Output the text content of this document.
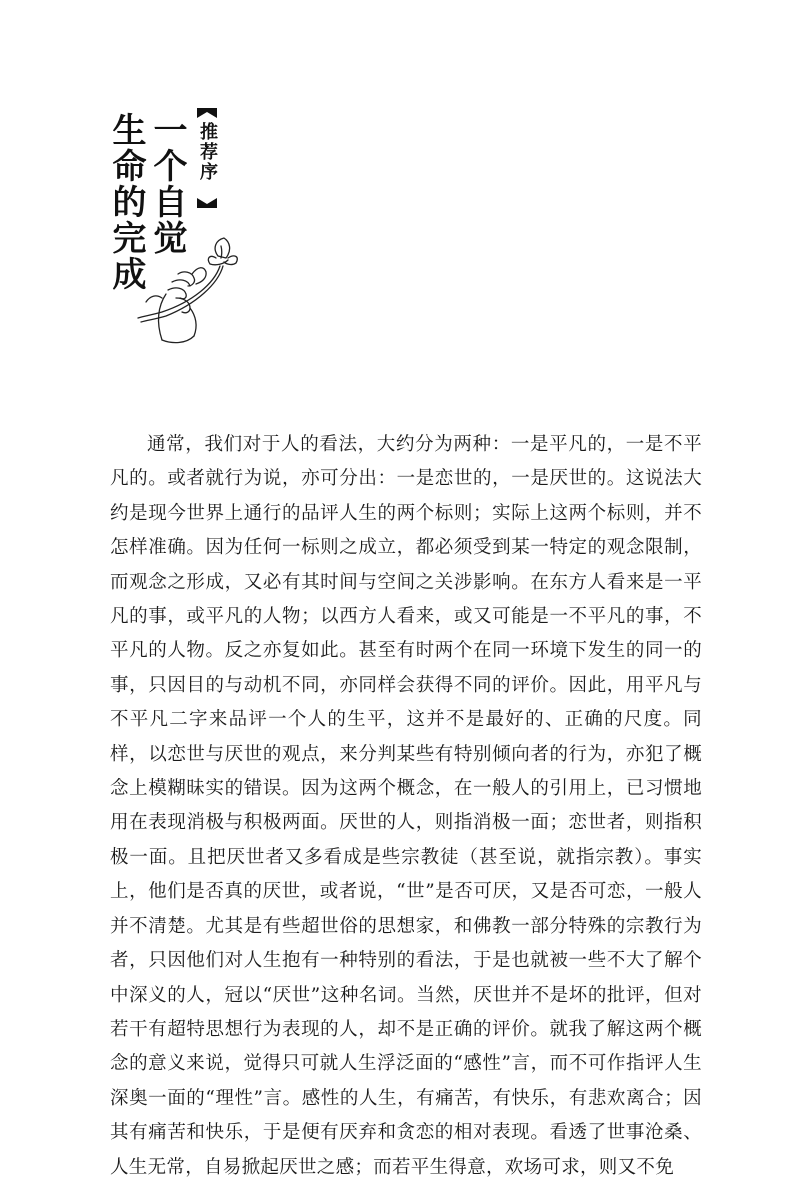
一个自觉
生命的完成	推荐序
通常，我们对于人的看法，大约分为两种：一是平凡的，一是不平凡的。或者就行为说，亦可分出：一是恋世的，一是厌世的。这说法大约是现今世界上通行的品评人生的两个标则；实际上这两个标则，并不怎样准确。因为任何一标则之成立，都必须受到某一特定的观念限制，而观念之形成，又必有其时间与空间之关涉影响。在东方人看来是一平凡的事，或平凡的人物；以西方人看来，或又可能是一不平凡的事，不平凡的人物。反之亦复如此。甚至有时两个在同一环境下发生的同一的事，只因目的与动机不同，亦同样会获得不同的评价。因此，用平凡与不平凡二字来品评一个人的生平，这并不是最好的、正确的尺度。同样，以恋世与厌世的观点，来分判某些有特别倾向者的行为，亦犯了概念上模糊昧实的错误。因为这两个概念，在一般人的引用上，已习惯地用在表现消极与积极两面。厌世的人，则指消极一面；恋世者，则指积极一面。且把厌世者又多看成是些宗教徒（甚至说，就指宗教）。事实上，他们是否真的厌世，或者说，“世”是否可厌，又是否可恋，一般人并不清楚。尤其是有些超世俗的思想家，和佛教一部分特殊的宗教行为者，只因他们对人生抱有一种特别的看法，于是也就被一些不大了解个中深义的人，冠以“厌世”这种名词。当然，厌世并不是坏的批评，但对若干有超特思想行为表现的人，却不是正确的评价。就我了解这两个概念的意义来说，觉得只可就人生浮泛面的“感性”言，而不可作指评人生深奥一面的“理性”言。感性的人生，有痛苦，有快乐，有悲欢离合；因其有痛苦和快乐，于是便有厌弃和贪恋的相对表现。看透了世事沧桑、人生无常，自易掀起厌世之感；而若平生得意，欢场可求，则又不免
